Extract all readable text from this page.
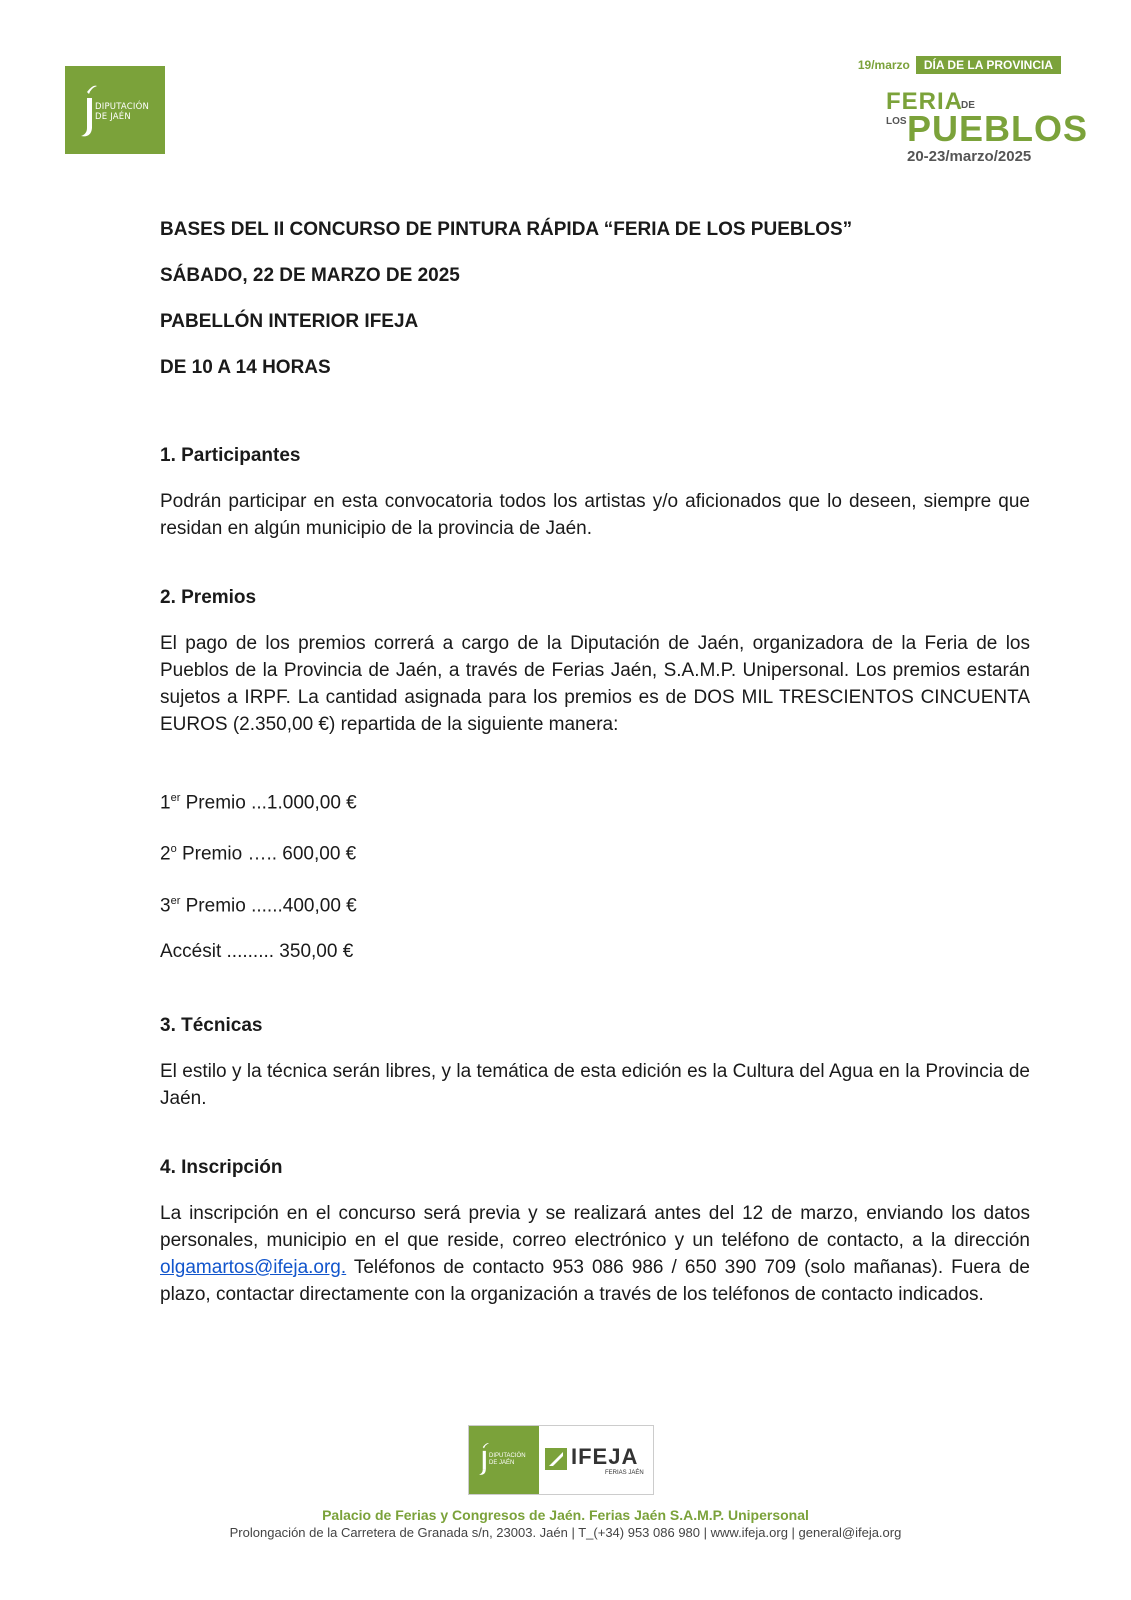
DIPUTACIÓN
DE JAÉN
19/marzo	DÍA DE LA PROVINCIA
FERIA
DE
LOS PUEBLOS
20-23/marzo/2025

BASES DEL II CONCURSO DE PINTURA RÁPIDA “FERIA DE LOS PUEBLOS”

SÁBADO, 22 DE MARZO DE 2025

PABELLÓN INTERIOR IFEJA

DE 10 A 14 HORAS

1. Participantes

Podrán participar en esta convocatoria todos los artistas y/o aficionados que lo deseen, siempre que residan en algún municipio de la provincia de Jaén.

2. Premios

El pago de los premios correrá a cargo de la Diputación de Jaén, organizadora de la Feria de los Pueblos de la Provincia de Jaén, a través de Ferias Jaén, S.A.M.P. Unipersonal. Los premios estarán sujetos a IRPF. La cantidad asignada para los premios es de DOS MIL TRESCIENTOS CINCUENTA EUROS (2.350,00 €) repartida de la siguiente manera:

1er Premio ...1.000,00 €

2$^o$ Premio ….. 600,00 €

3er Premio ......400,00 €

Accésit ......... 350,00 €

3. Técnicas

El estilo y la técnica serán libres, y la temática de esta edición es la Cultura del Agua en la Provincia de Jaén.

4. Inscripción

La inscripción en el concurso será previa y se realizará antes del 12 de marzo, enviando los datos personales, municipio en el que reside, correo electrónico y un teléfono de contacto, a la dirección olgamartos@ifeja.org. Teléfonos de contacto 953 086 986 / 650 390 709 (solo mañanas). Fuera de plazo, contactar directamente con la organización a través de los teléfonos de contacto indicados.

DIPUTACIÓN
DE JAÉN	IFEJA
FERIAS JAÉN
Palacio de Ferias y Congresos de Jaén. Ferias Jaén S.A.M.P. Unipersonal
Prolongación de la Carretera de Granada s/n, 23003. Jaén | T_(+34) 953 086 980 | www.ifeja.org | general@ifeja.org
